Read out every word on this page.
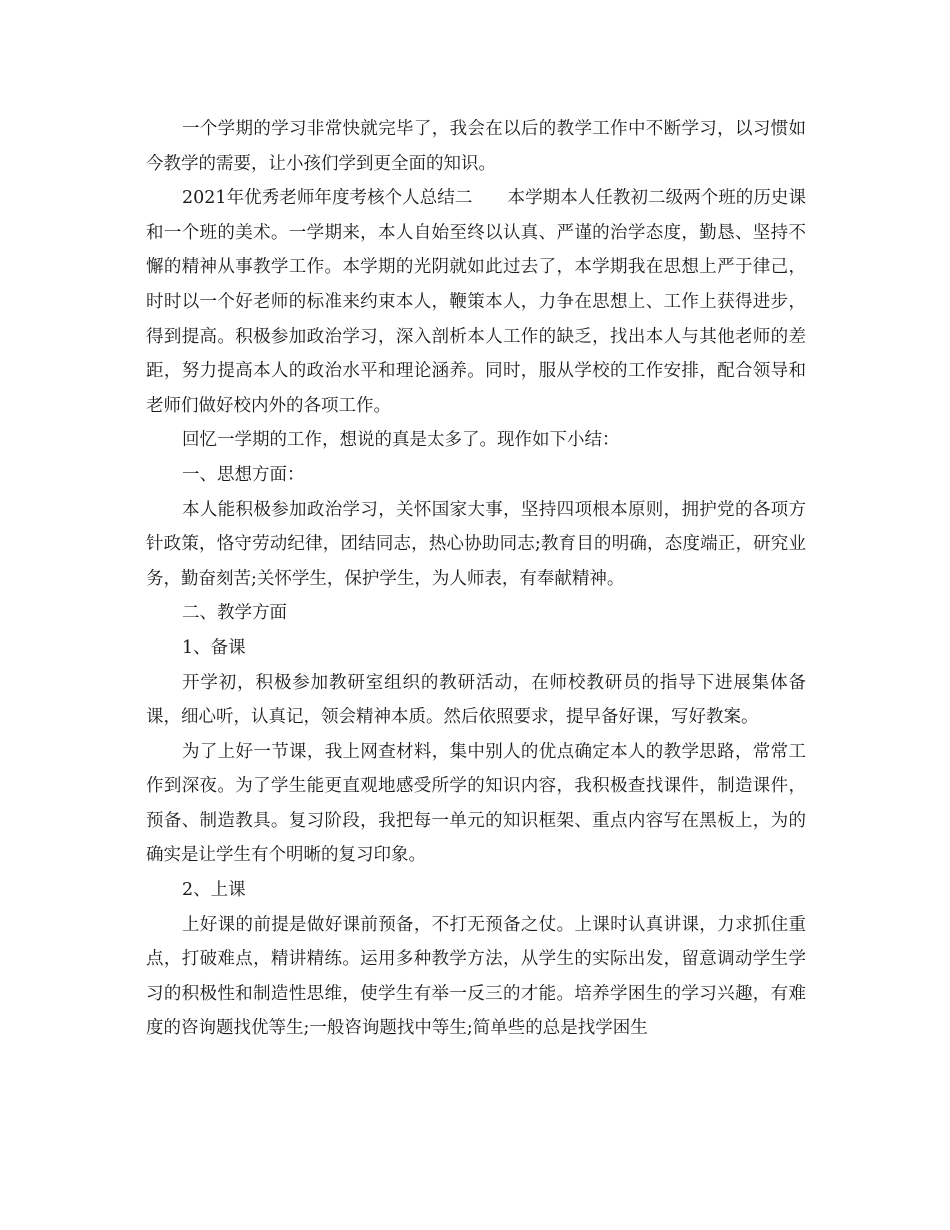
一个学期的学习非常快就完毕了，我会在以后的教学工作中不断学习，以习惯如今教学的需要，让小孩们学到更全面的知识。

2021年优秀老师年度考核个人总结二　　本学期本人任教初二级两个班的历史课和一个班的美术。一学期来，本人自始至终以认真、严谨的治学态度，勤恳、坚持不懈的精神从事教学工作。本学期的光阴就如此过去了，本学期我在思想上严于律己，时时以一个好老师的标准来约束本人，鞭策本人，力争在思想上、工作上获得进步，得到提高。积极参加政治学习，深入剖析本人工作的缺乏，找出本人与其他老师的差距，努力提高本人的政治水平和理论涵养。同时，服从学校的工作安排，配合领导和老师们做好校内外的各项工作。

回忆一学期的工作，想说的真是太多了。现作如下小结：

一、思想方面：

本人能积极参加政治学习，关怀国家大事，坚持四项根本原则，拥护党的各项方针政策，恪守劳动纪律，团结同志，热心协助同志;教育目的明确，态度端正，研究业务，勤奋刻苦;关怀学生，保护学生，为人师表，有奉献精神。

二、教学方面

1、备课

开学初，积极参加教研室组织的教研活动，在师校教研员的指导下进展集体备课，细心听，认真记，领会精神本质。然后依照要求，提早备好课，写好教案。

为了上好一节课，我上网查材料，集中别人的优点确定本人的教学思路，常常工作到深夜。为了学生能更直观地感受所学的知识内容，我积极查找课件，制造课件，预备、制造教具。复习阶段，我把每一单元的知识框架、重点内容写在黑板上，为的确实是让学生有个明晰的复习印象。

2、上课

上好课的前提是做好课前预备，不打无预备之仗。上课时认真讲课，力求抓住重点，打破难点，精讲精练。运用多种教学方法，从学生的实际出发，留意调动学生学习的积极性和制造性思维，使学生有举一反三的才能。培养学困生的学习兴趣，有难度的咨询题找优等生;一般咨询题找中等生;简单些的总是找学困生
